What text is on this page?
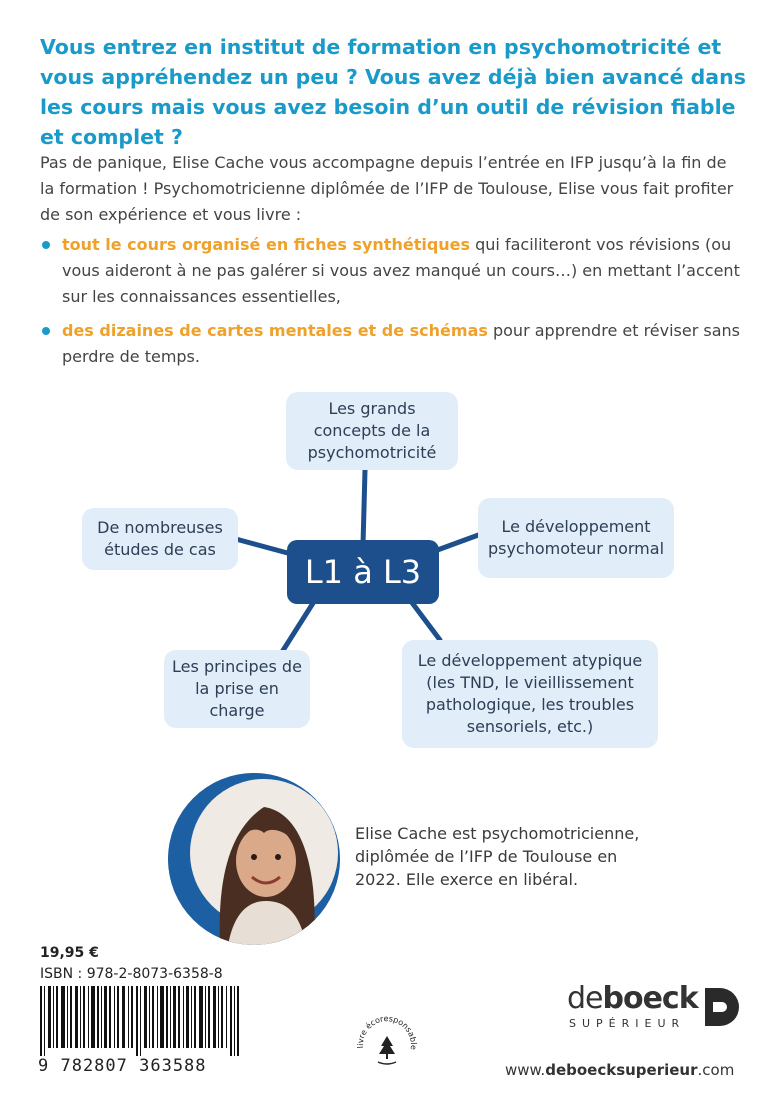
Vous entrez en institut de formation en psychomotricité et vous appréhendez un peu ? Vous avez déjà bien avancé dans les cours mais vous avez besoin d’un outil de révision fiable et complet ?

Pas de panique, Elise Cache vous accompagne depuis l’entrée en IFP jusqu’à la fin de la formation ! Psychomotricienne diplômée de l’IFP de Toulouse, Elise vous fait profiter de son expérience et vous livre :

tout le cours organisé en fiches synthétiques qui faciliteront vos révisions (ou vous aideront à ne pas galérer si vous avez manqué un cours…) en mettant l’accent sur les connaissances essentielles,
des dizaines de cartes mentales et de schémas pour apprendre et réviser sans perdre de temps.
L1 à L3
Les grands concepts de la psychomotricité
De nombreuses études de cas
Le développement psychomoteur normal
Les principes de la prise en charge
Le développement atypique (les TND, le vieillissement pathologique, les troubles sensoriels, etc.)

Elise Cache est psychomotricienne, diplômée de l’IFP de Toulouse en 2022. Elle exerce en libéral.

19,95 €
ISBN : 978-2-8073-6358-8
9 782807 363588
livre écoresponsable
deboeck
SUPÉRIEUR
www.deboecksuperieur.com
